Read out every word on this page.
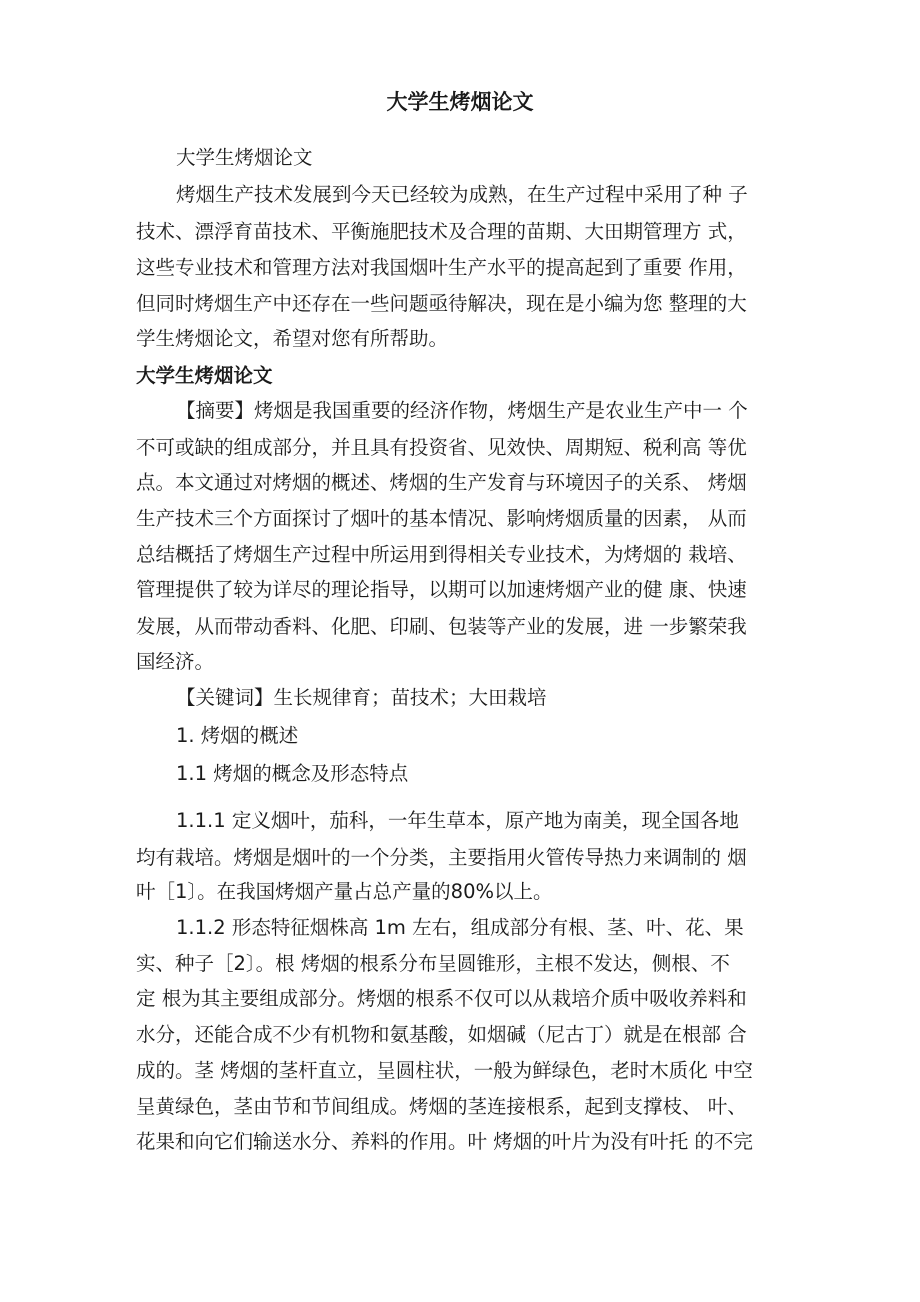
大学生烤烟论文

大学生烤烟论文

烤烟生产技术发展到今天已经较为成熟，在生产过程中采用了种 子

技术、漂浮育苗技术、平衡施肥技术及合理的苗期、大田期管理方 式，

这些专业技术和管理方法对我国烟叶生产水平的提高起到了重要 作用，

但同时烤烟生产中还存在一些问题亟待解决，现在是小编为您 整理的大

学生烤烟论文，希望对您有所帮助。

大学生烤烟论文

【摘要】烤烟是我国重要的经济作物，烤烟生产是农业生产中一 个

不可或缺的组成部分，并且具有投资省、见效快、周期短、税利高 等优

点。本文通过对烤烟的概述、烤烟的生产发育与环境因子的关系、 烤烟

生产技术三个方面探讨了烟叶的基本情况、影响烤烟质量的因素， 从而

总结概括了烤烟生产过程中所运用到得相关专业技术，为烤烟的 栽培、

管理提供了较为详尽的理论指导，以期可以加速烤烟产业的健 康、快速

发展，从而带动香料、化肥、印刷、包装等产业的发展，进 一步繁荣我

国经济。

【关键词】生长规律育；苗技术；大田栽培

1. 烤烟的概述

1.1 烤烟的概念及形态特点

1.1.1 定义烟叶，茄科，一年生草本，原产地为南美，现全国各地

均有栽培。烤烟是烟叶的一个分类，主要指用火管传导热力来调制的 烟

叶［1〕。在我国烤烟产量占总产量的80%以上。

1.1.2 形态特征烟株高 1m 左右，组成部分有根、茎、叶、花、果

实、种子［2〕。根 烤烟的根系分布呈圆锥形，主根不发达，侧根、不

定 根为其主要组成部分。烤烟的根系不仅可以从栽培介质中吸收养料和

水分，还能合成不少有机物和氨基酸，如烟碱（尼古丁）就是在根部 合

成的。茎 烤烟的茎杆直立，呈圆柱状，一般为鲜绿色，老时木质化 中空

呈黄绿色，茎由节和节间组成。烤烟的茎连接根系，起到支撑枝、 叶、

花果和向它们输送水分、养料的作用。叶 烤烟的叶片为没有叶托 的不完
